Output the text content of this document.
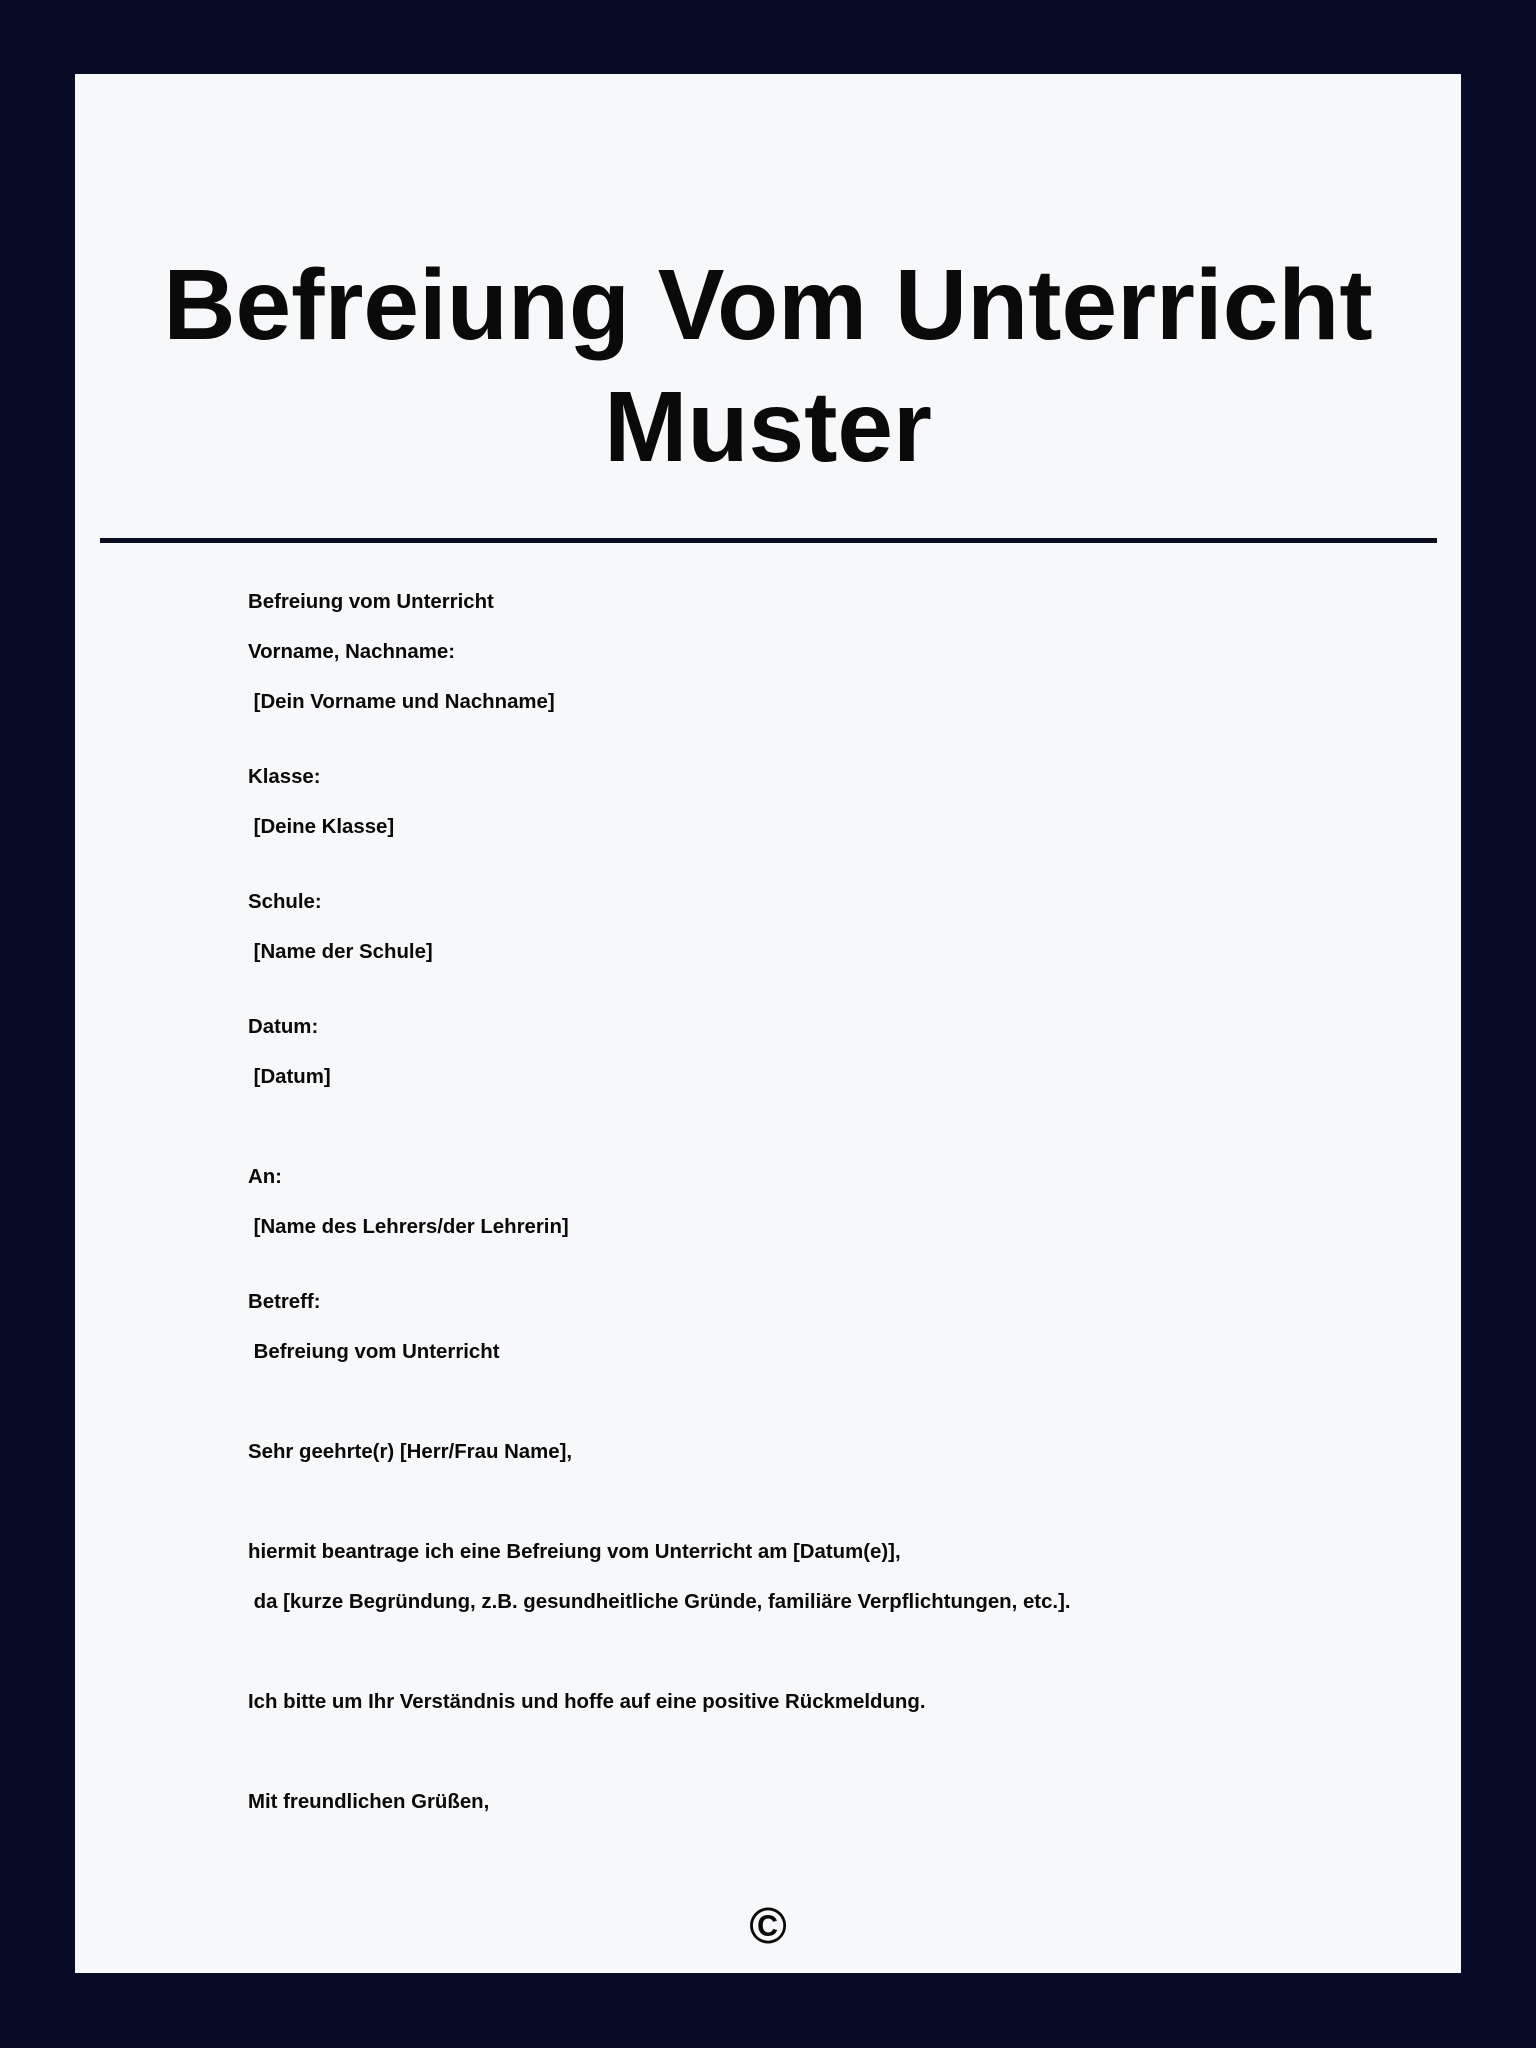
Befreiung Vom Unterricht Muster
Befreiung vom Unterricht
Vorname, Nachname:
[Dein Vorname und Nachname]
Klasse:
[Deine Klasse]
Schule:
[Name der Schule]
Datum:
[Datum]
An:
[Name des Lehrers/der Lehrerin]
Betreff:
Befreiung vom Unterricht
Sehr geehrte(r) [Herr/Frau Name],
hiermit beantrage ich eine Befreiung vom Unterricht am [Datum(e)],
da [kurze Begründung, z.B. gesundheitliche Gründe, familiäre Verpflichtungen, etc.].
Ich bitte um Ihr Verständnis und hoffe auf eine positive Rückmeldung.
Mit freundlichen Grüßen,
©
